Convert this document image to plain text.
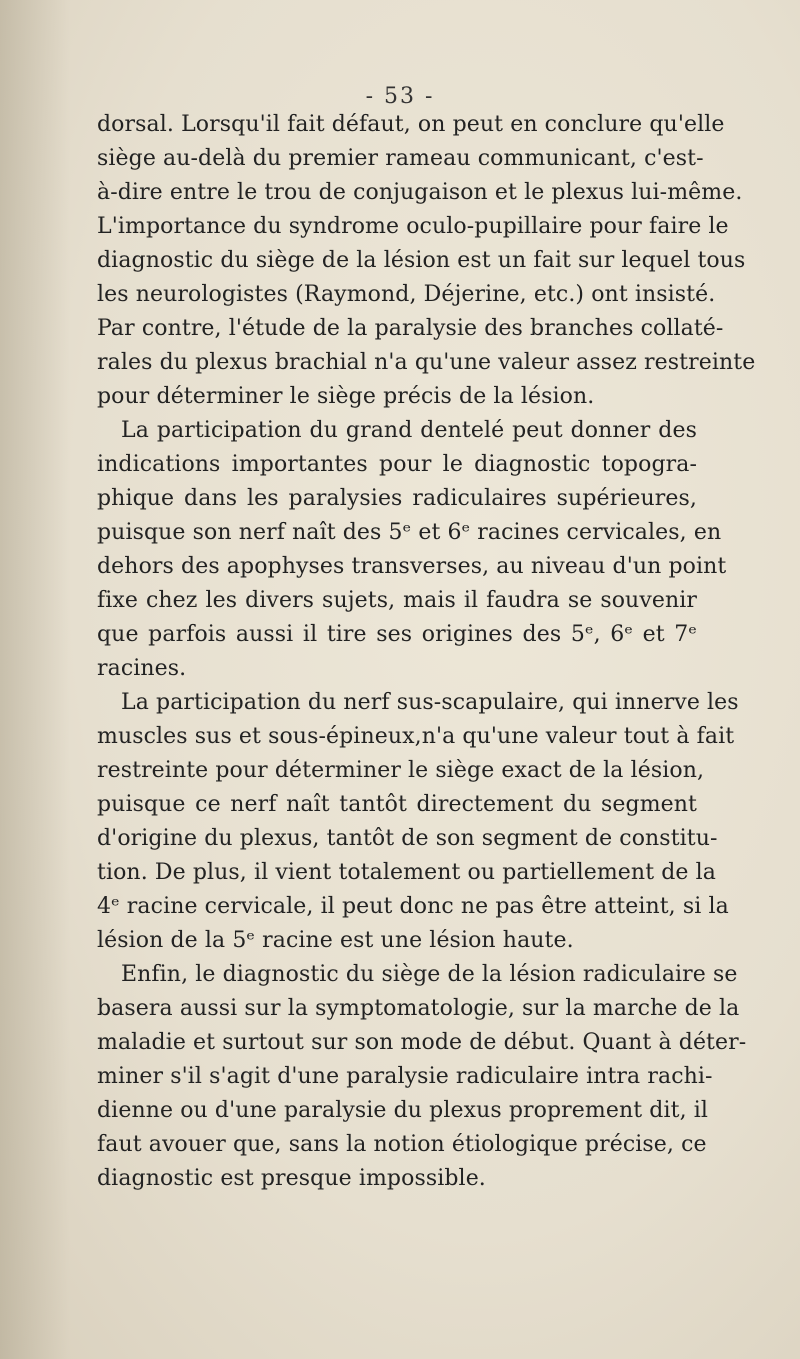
- 53 -
dorsal. Lorsqu'il fait défaut, on peut en conclure qu'elle
siège au-delà du premier rameau communicant, c'est-
à-dire entre le trou de conjugaison et le plexus lui-même.
L'importance du syndrome oculo-pupillaire pour faire le
diagnostic du siège de la lésion est un fait sur lequel tous
les neurologistes (Raymond, Déjerine, etc.) ont insisté.
Par contre, l'étude de la paralysie des branches collaté-
rales du plexus brachial n'a qu'une valeur assez restreinte
pour déterminer le siège précis de la lésion.
La participation du grand dentelé peut donner des
indications importantes pour le diagnostic topogra-
phique dans les paralysies radiculaires supérieures,
puisque son nerf naît des 5ᵉ et 6ᵉ racines cervicales, en
dehors des apophyses transverses, au niveau d'un point
fixe chez les divers sujets, mais il faudra se souvenir
que parfois aussi il tire ses origines des 5ᵉ, 6ᵉ et 7ᵉ
racines.
La participation du nerf sus-scapulaire, qui innerve les
muscles sus et sous-épineux,n'a qu'une valeur tout à fait
restreinte pour déterminer le siège exact de la lésion,
puisque ce nerf naît tantôt directement du segment
d'origine du plexus, tantôt de son segment de constitu-
tion. De plus, il vient totalement ou partiellement de la
4ᵉ racine cervicale, il peut donc ne pas être atteint, si la
lésion de la 5ᵉ racine est une lésion haute.
Enfin, le diagnostic du siège de la lésion radiculaire se
basera aussi sur la symptomatologie, sur la marche de la
maladie et surtout sur son mode de début. Quant à déter-
miner s'il s'agit d'une paralysie radiculaire intra rachi-
dienne ou d'une paralysie du plexus proprement dit, il
faut avouer que, sans la notion étiologique précise, ce
diagnostic est presque impossible.
